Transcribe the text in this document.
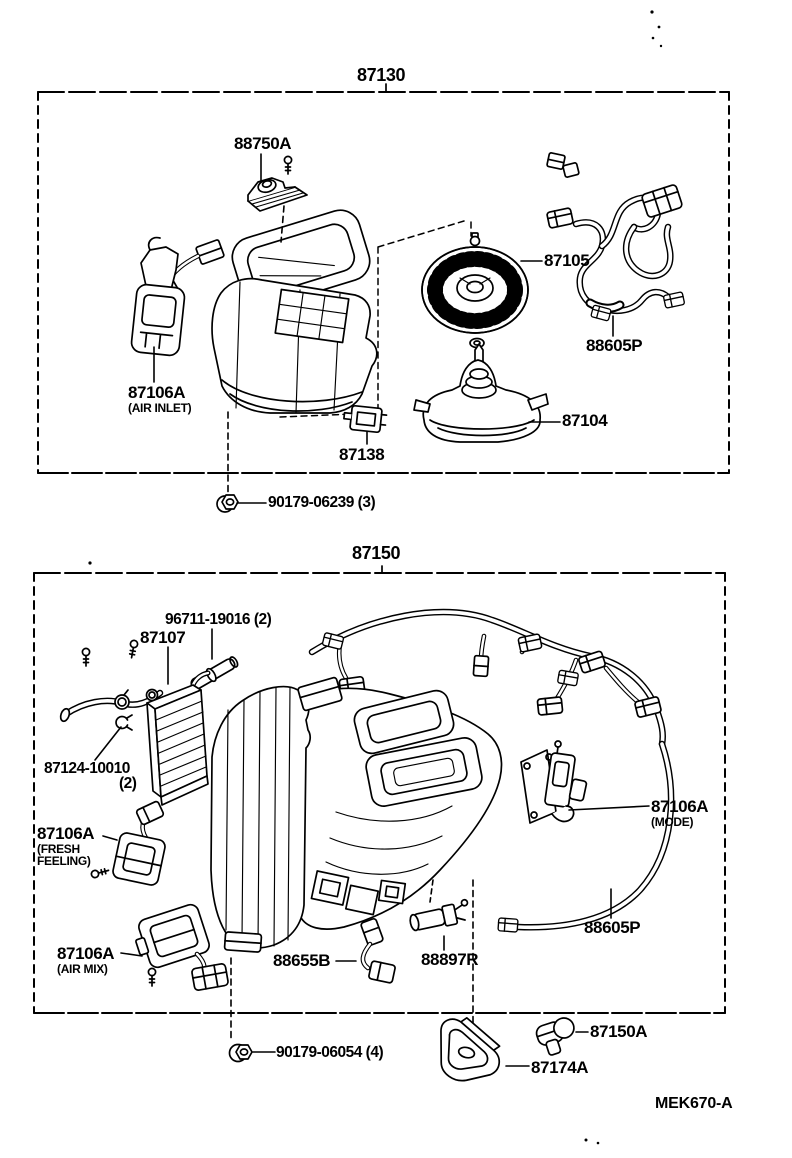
87130
88750A
87105
88605P
87106A
(AIR INLET)
87138
87104
90179-06239 (3)
87150
96711-19016 (2)
87107
87124-10010
(2)
87106A
(FRESH
FEELING)
87106A
(AIR MIX)	88655B	88897R
87106A
(MODE)
88605P
90179-06054 (4)
87174A
87150A
MEK670-A
